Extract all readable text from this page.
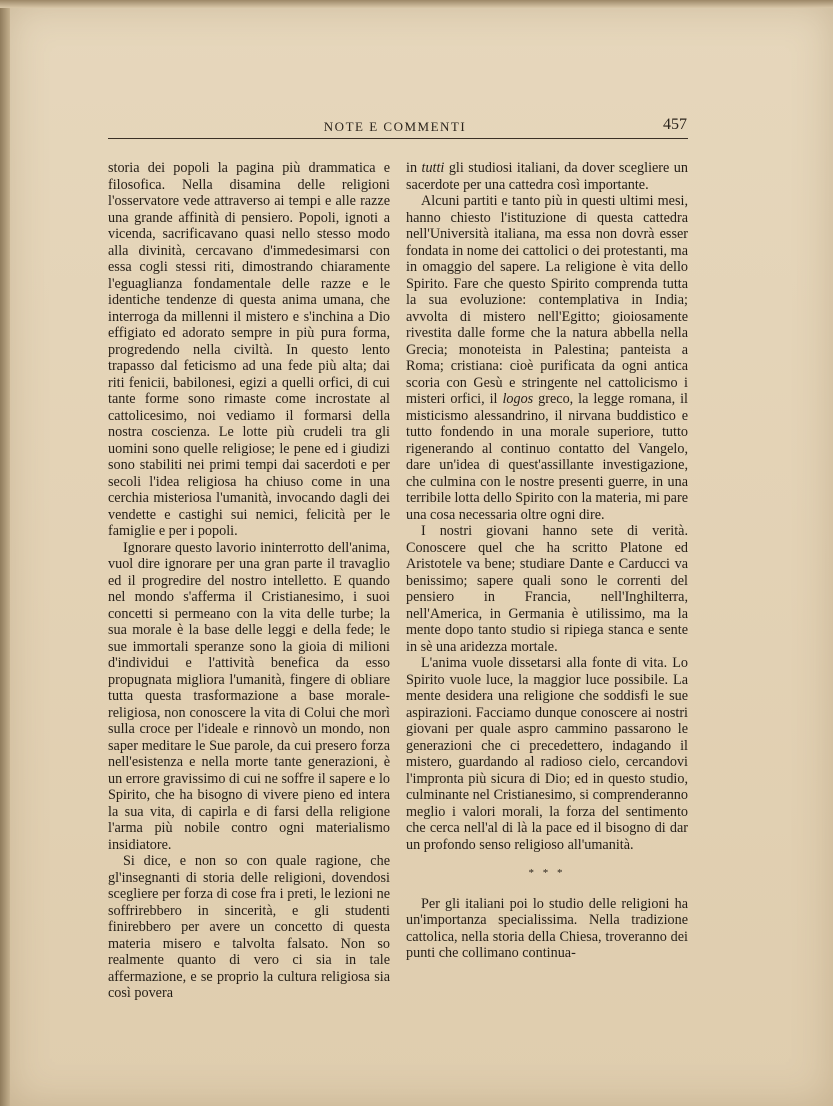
NOTE E COMMENTI	457

storia dei popoli la pagina più drammatica e filosofica. Nella disamina delle religioni l'osservatore vede attraverso ai tempi e alle razze una grande affinità di pensiero. Popoli, ignoti a vicenda, sacrificavano quasi nello stesso modo alla divinità, cercavano d'immedesimarsi con essa cogli stessi riti, dimostrando chiaramente l'eguaglianza fondamentale delle razze e le identiche tendenze di questa anima umana, che interroga da millenni il mistero e s'inchina a Dio effigiato ed adorato sempre in più pura forma, progredendo nella civiltà. In questo lento trapasso dal feticismo ad una fede più alta; dai riti fenicii, babilonesi, egizi a quelli orfici, di cui tante forme sono rimaste come incrostate al cattolicesimo, noi vediamo il formarsi della nostra coscienza. Le lotte più crudeli tra gli uomini sono quelle religiose; le pene ed i giudizi sono stabiliti nei primi tempi dai sacerdoti e per secoli l'idea religiosa ha chiuso come in una cerchia misteriosa l'umanità, invocando dagli dei vendette e castighi sui nemici, felicità per le famiglie e per i popoli.

Ignorare questo lavorio ininterrotto dell'anima, vuol dire ignorare per una gran parte il travaglio ed il progredire del nostro intelletto. E quando nel mondo s'afferma il Cristianesimo, i suoi concetti si permeano con la vita delle turbe; la sua morale è la base delle leggi e della fede; le sue immortali speranze sono la gioia di milioni d'individui e l'attività benefica da esso propugnata migliora l'umanità, fingere di obliare tutta questa trasformazione a base morale-religiosa, non conoscere la vita di Colui che morì sulla croce per l'ideale e rinnovò un mondo, non saper meditare le Sue parole, da cui presero forza nell'esistenza e nella morte tante generazioni, è un errore gravissimo di cui ne soffre il sapere e lo Spirito, che ha bisogno di vivere pieno ed intera la sua vita, di capirla e di farsi della religione l'arma più nobile contro ogni materialismo insidiatore.

Si dice, e non so con quale ragione, che gl'insegnanti di storia delle religioni, dovendosi scegliere per forza di cose fra i preti, le lezioni ne soffrirebbero in sincerità, e gli studenti finirebbero per avere un concetto di questa materia misero e talvolta falsato. Non so realmente quanto di vero ci sia in tale affermazione, e se proprio la cultura religiosa sia così povera

in tutti gli studiosi italiani, da dover scegliere un sacerdote per una cattedra così importante.

Alcuni partiti e tanto più in questi ultimi mesi, hanno chiesto l'istituzione di questa cattedra nell'Università italiana, ma essa non dovrà esser fondata in nome dei cattolici o dei protestanti, ma in omaggio del sapere. La religione è vita dello Spirito. Fare che questo Spirito comprenda tutta la sua evoluzione: contemplativa in India; avvolta di mistero nell'Egitto; gioiosamente rivestita dalle forme che la natura abbella nella Grecia; monoteista in Palestina; panteista a Roma; cristiana: cioè purificata da ogni antica scoria con Gesù e stringente nel cattolicismo i misteri orfici, il logos greco, la legge romana, il misticismo alessandrino, il nirvana buddistico e tutto fondendo in una morale superiore, tutto rigenerando al continuo contatto del Vangelo, dare un'idea di quest'assillante investigazione, che culmina con le nostre presenti guerre, in una terribile lotta dello Spirito con la materia, mi pare una cosa necessaria oltre ogni dire.

I nostri giovani hanno sete di verità. Conoscere quel che ha scritto Platone ed Aristotele va bene; studiare Dante e Carducci va benissimo; sapere quali sono le correnti del pensiero in Francia, nell'Inghilterra, nell'America, in Germania è utilissimo, ma la mente dopo tanto studio si ripiega stanca e sente in sè una aridezza mortale.

L'anima vuole dissetarsi alla fonte di vita. Lo Spirito vuole luce, la maggior luce possibile. La mente desidera una religione che soddisfi le sue aspirazioni. Facciamo dunque conoscere ai nostri giovani per quale aspro cammino passarono le generazioni che ci precedettero, indagando il mistero, guardando al radioso cielo, cercandovi l'impronta più sicura di Dio; ed in questo studio, culminante nel Cristianesimo, si comprenderanno meglio i valori morali, la forza del sentimento che cerca nell'al di là la pace ed il bisogno di dar un profondo senso religioso all'umanità.

* * *

Per gli italiani poi lo studio delle religioni ha un'importanza specialissima. Nella tradizione cattolica, nella storia della Chiesa, troveranno dei punti che collimano continua-
